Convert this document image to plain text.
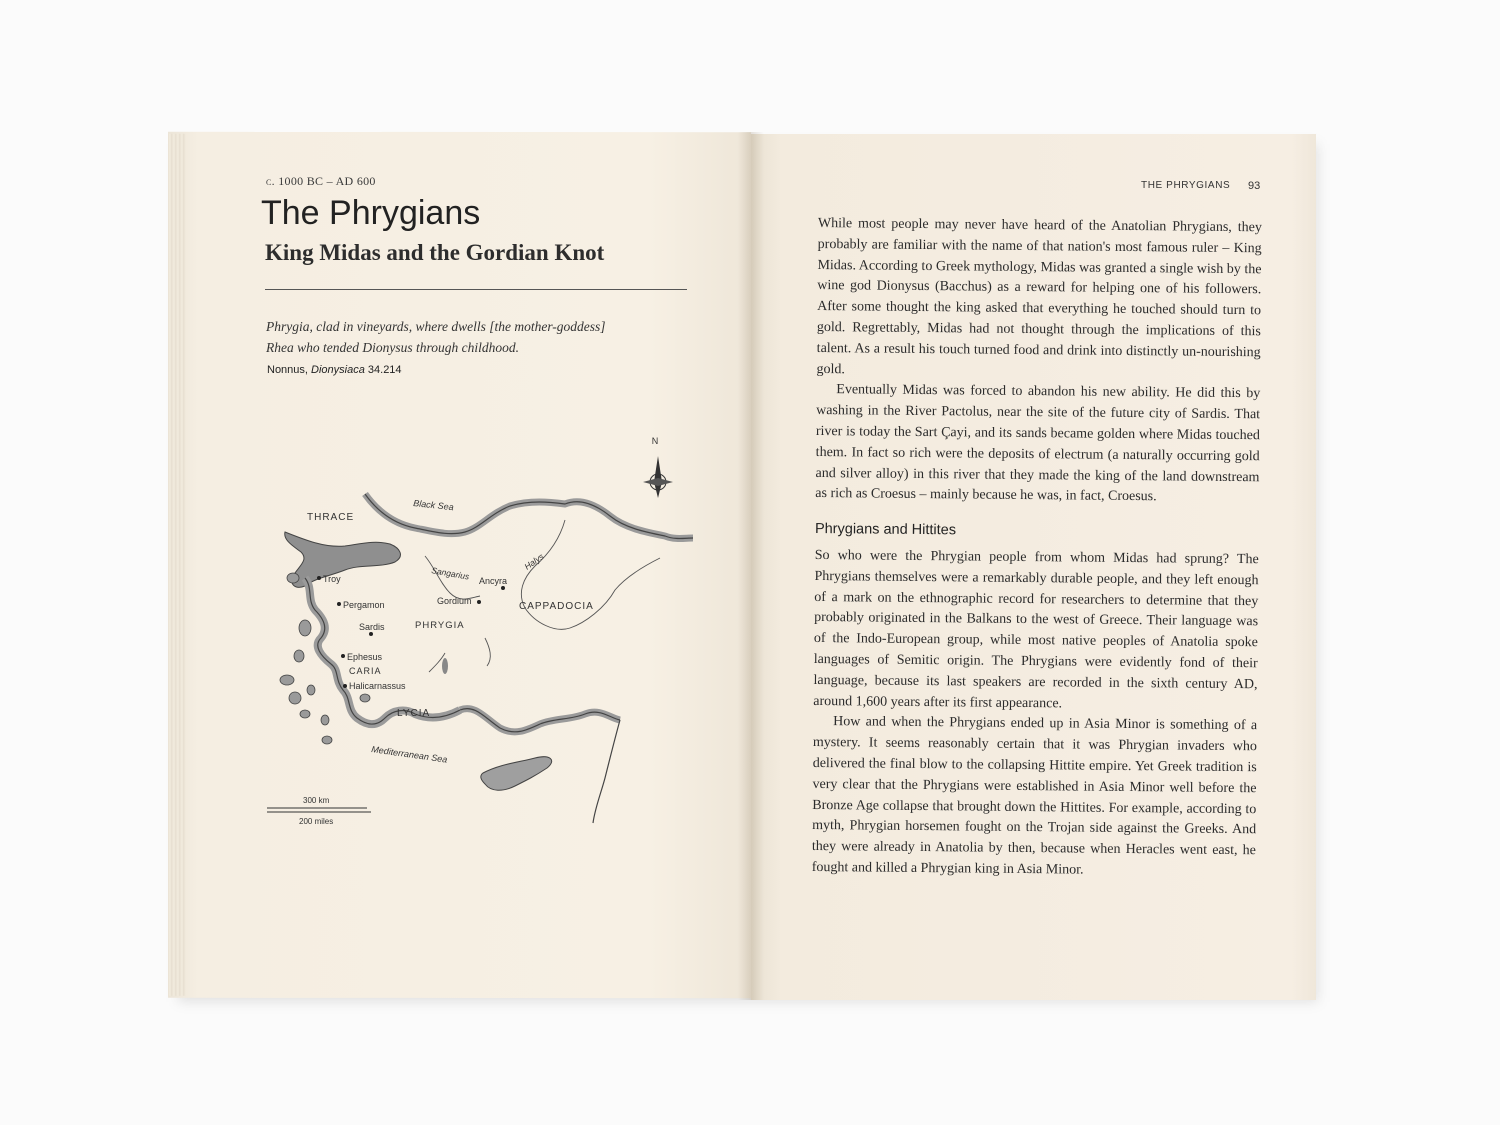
c. 1000 BC – AD 600
The Phrygians
King Midas and the Gordian Knot

Phrygia, clad in vineyards, where dwells [the mother-goddess]

Rhea who tended Dionysus through childhood.

Nonnus, Dionysiaca 34.214
N
THRACE
Black Sea
Troy
Pergamon
Sardis
Ephesus
CARIA
Halicarnassus
LYCIA
PHRYGIA
Gordium
Ancyra
Sangarius
Halys
CAPPADOCIA
Mediterranean Sea
300 km
200 miles
THE PHRYGIANS 93

While most people may never have heard of the Anatolian Phrygians, they probably are familiar with the name of that nation's most famous ruler – King Midas. According to Greek mythology, Midas was granted a single wish by the wine god Dionysus (Bacchus) as a reward for helping one of his followers. After some thought the king asked that everything he touched should turn to gold. Regrettably, Midas had not thought through the implications of this talent. As a result his touch turned food and drink into distinctly un-nourishing gold.

Eventually Midas was forced to abandon his new ability. He did this by washing in the River Pactolus, near the site of the future city of Sardis. That river is today the Sart Çayi, and its sands became golden where Midas touched them. In fact so rich were the deposits of electrum (a naturally occurring gold and silver alloy) in this river that they made the king of the land downstream as rich as Croesus – mainly because he was, in fact, Croesus.

Phrygians and Hittites

So who were the Phrygian people from whom Midas had sprung? The Phrygians themselves were a remarkably durable people, and they left enough of a mark on the ethnographic record for researchers to determine that they probably originated in the Balkans to the west of Greece. Their language was of the Indo-European group, while most native peoples of Anatolia spoke languages of Semitic origin. The Phrygians were evidently fond of their language, because its last speakers are recorded in the sixth century AD, around 1,600 years after its first appearance.

How and when the Phrygians ended up in Asia Minor is something of a mystery. It seems reasonably certain that it was Phrygian invaders who delivered the final blow to the collapsing Hittite empire. Yet Greek tradition is very clear that the Phrygians were established in Asia Minor well before the Bronze Age collapse that brought down the Hittites. For example, according to myth, Phrygian horsemen fought on the Trojan side against the Greeks. And they were already in Anatolia by then, because when Heracles went east, he fought and killed a Phrygian king in Asia Minor.
